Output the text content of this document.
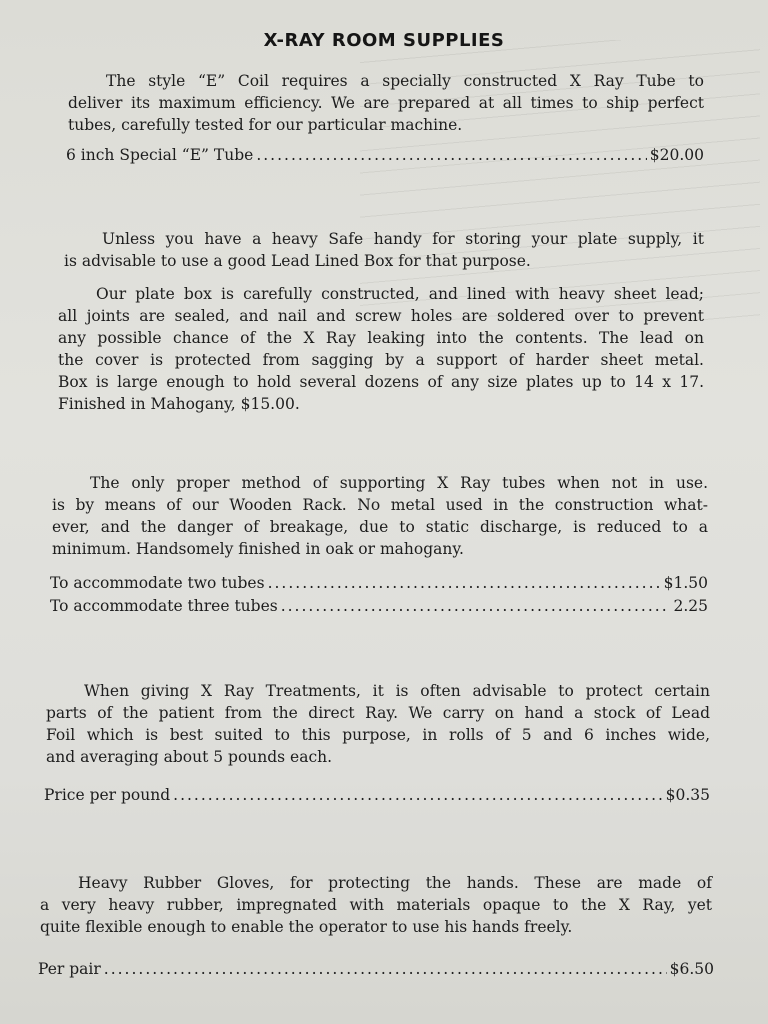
X-RAY ROOM SUPPLIES
The style “E” Coil requires a specially constructed X Ray Tube to
deliver its maximum efficiency. We are prepared at all times to ship perfect
tubes, carefully tested for our particular machine.
6 inch Special “E” Tube .....	$20.00
Unless you have a heavy Safe handy for storing your plate supply, it
is advisable to use a good Lead Lined Box for that purpose.
Our plate box is carefully constructed, and lined with heavy sheet lead;
all joints are sealed, and nail and screw holes are soldered over to prevent
any possible chance of the X Ray leaking into the contents. The lead on
the cover is protected from sagging by a support of harder sheet metal.
Box is large enough to hold several dozens of any size plates up to 14 x 17.
Finished in Mahogany, $15.00.
The only proper method of supporting X Ray tubes when not in use.
is by means of our Wooden Rack. No metal used in the construction what-
ever, and the danger of breakage, due to static discharge, is reduced to a
minimum. Handsomely finished in oak or mahogany.
To accommodate two tubes .....	$1.50
To accommodate three tubes .....	2.25
When giving X Ray Treatments, it is often advisable to protect certain
parts of the patient from the direct Ray. We carry on hand a stock of Lead
Foil which is best suited to this purpose, in rolls of 5 and 6 inches wide,
and averaging about 5 pounds each.
Price per pound .....	$0.35
Heavy Rubber Gloves, for protecting the hands. These are made of
a very heavy rubber, impregnated with materials opaque to the X Ray, yet
quite flexible enough to enable the operator to use his hands freely.
Per pair .....	$6.50
